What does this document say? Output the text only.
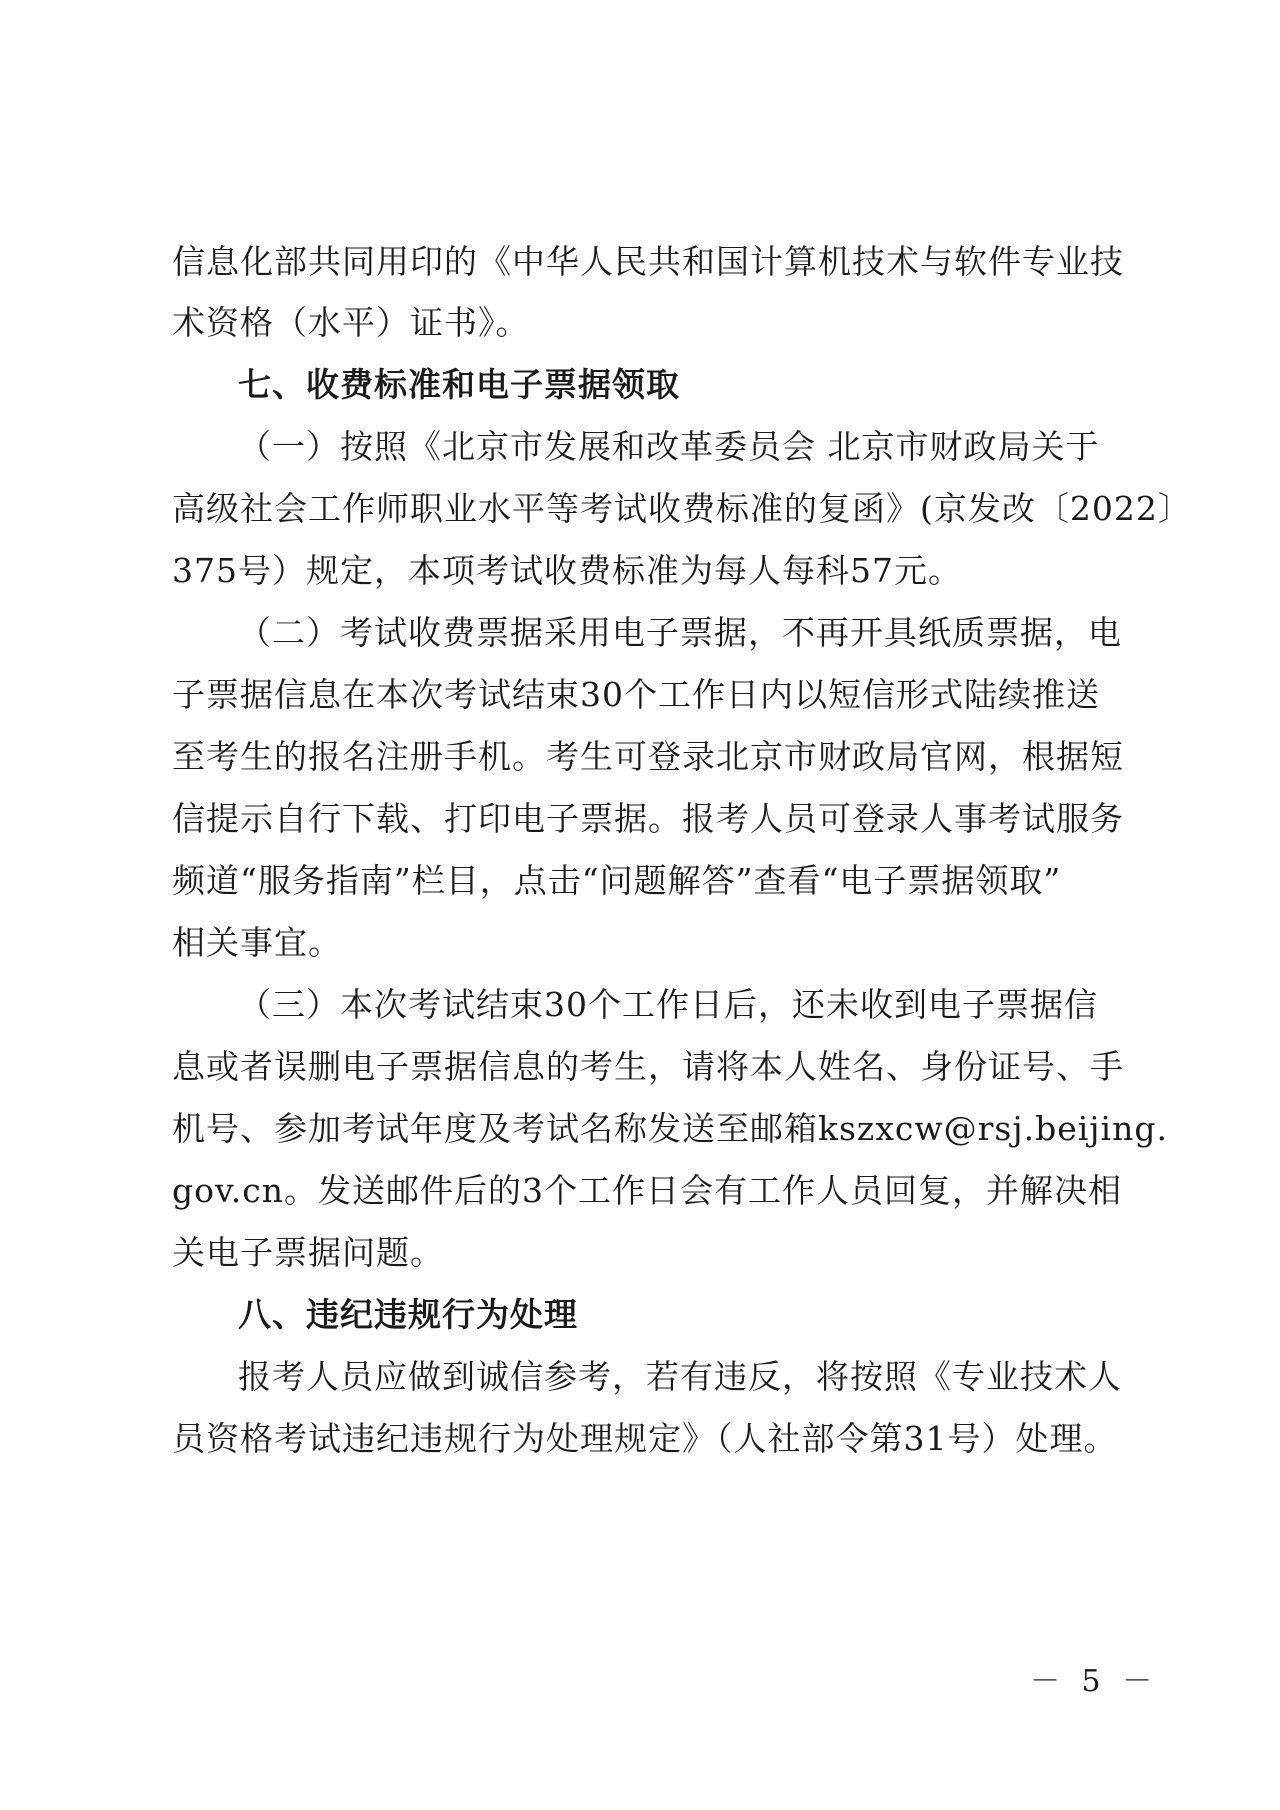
信息化部共同用印的《中华人民共和国计算机技术与软件专业技
术资格（水平）证书》。
七、收费标准和电子票据领取
（一）按照《北京市发展和改革委员会 北京市财政局关于
高级社会工作师职业水平等考试收费标准的复函》(京发改〔2022〕
375号）规定，本项考试收费标准为每人每科57元。
（二）考试收费票据采用电子票据，不再开具纸质票据，电
子票据信息在本次考试结束30个工作日内以短信形式陆续推送
至考生的报名注册手机。考生可登录北京市财政局官网，根据短
信提示自行下载、打印电子票据。报考人员可登录人事考试服务
频道“服务指南”栏目，点击“问题解答”查看“电子票据领取”
相关事宜。
（三）本次考试结束30个工作日后，还未收到电子票据信
息或者误删电子票据信息的考生，请将本人姓名、身份证号、手
机号、参加考试年度及考试名称发送至邮箱kszxcw@rsj.beijing.
gov.cn。发送邮件后的3个工作日会有工作人员回复，并解决相
关电子票据问题。
八、违纪违规行为处理
报考人员应做到诚信参考，若有违反，将按照《专业技术人
员资格考试违纪违规行为处理规定》（人社部令第31号）处理。
－ 5 －
